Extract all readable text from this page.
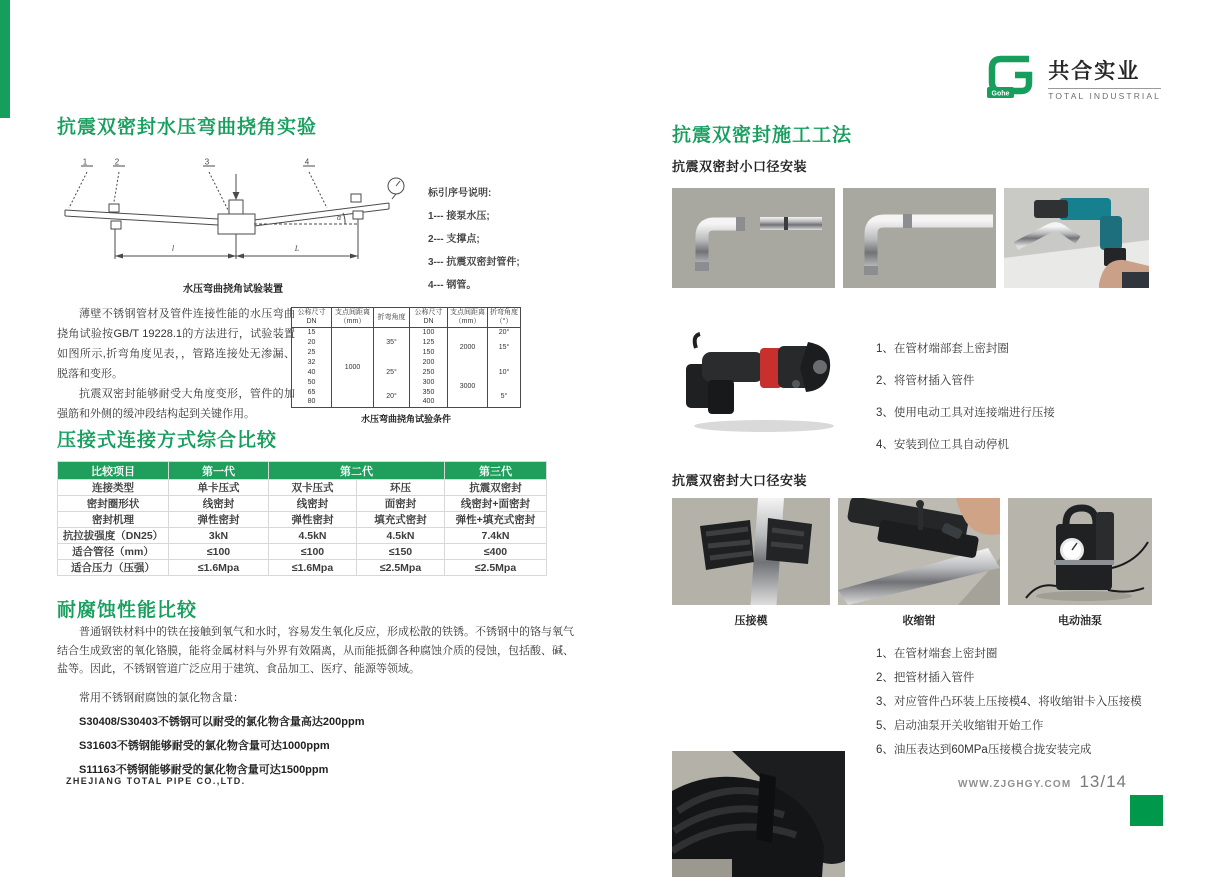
Gohe
共合实业
TOTAL INDUSTRIAL
抗震双密封水压弯曲挠角实验
1	2	3	4
l	L
α
标引序号说明:
1--- 接泵水压;
2--- 支撑点;
3--- 抗震双密封管件;
4--- 钢管。
水压弯曲挠角试验装置

薄壁不锈钢管材及管件连接性能的水压弯曲挠角试验按GB/T 19228.1的方法进行，试验装置如图所示,折弯角度见表，，管路连接处无渗漏、脱落和变形。

抗震双密封能够耐受大角度变形，管件的加强筋和外侧的缓冲段结构起到关键作用。

公称尺寸 DN	支点间距离（mm）	折弯角度	公称尺寸 DN	支点间距离（mm）	折弯角度（°）
15	1000	35°	100	2000	20°
20			125		15°
25			150		
32		25°	200		10°
40			250	3000	
50			300		
65		20°	350		5°
80			400		
水压弯曲挠角试验条件
压接式连接方式综合比较
比较项目	第一代	第二代		第三代
连接类型	单卡压式	双卡压式	环压	抗震双密封
密封圈形状	线密封	线密封	面密封	线密封+面密封
密封机理	弹性密封	弹性密封	填充式密封	弹性+填充式密封
抗拉拔强度（DN25）	3kN	4.5kN	4.5kN	7.4kN
适合管径（mm）	≤100	≤100	≤150	≤400
适合压力（压强）	≤1.6Mpa	≤1.6Mpa	≤2.5Mpa	≤2.5Mpa
耐腐蚀性能比较

普通钢铁材料中的铁在接触到氧气和水时，容易发生氧化反应，形成松散的铁锈。不锈钢中的铬与氧气结合生成致密的氧化铬膜，能将金属材料与外界有效隔离，从而能抵御各种腐蚀介质的侵蚀，包括酸、碱、盐等。因此，不锈钢管道广泛应用于建筑、食品加工、医疗、能源等领域。

常用不锈钢耐腐蚀的氯化物含量：
S30408/S30403不锈钢可以耐受的氯化物含量高达200ppm
S31603不锈钢能够耐受的氯化物含量可达1000ppm
S11163不锈钢能够耐受的氯化物含量可达1500ppm
抗震双密封施工工法
抗震双密封小口径安装
1、在管材端部套上密封圈
2、将管材插入管件
3、使用电动工具对连接端进行压接
4、安装到位工具自动停机
抗震双密封大口径安装
压接模	收缩钳	电动油泵
1、在管材端套上密封圈
2、把管材插入管件
3、对应管件凸环装上压接模4、将收缩钳卡入压接模
5、启动油泵开关收缩钳开始工作
6、油压表达到60MPa压接模合拢安装完成
ZHEJIANG TOTAL PIPE CO.,LTD.	WWW.ZJGHGY.COM 13/14
